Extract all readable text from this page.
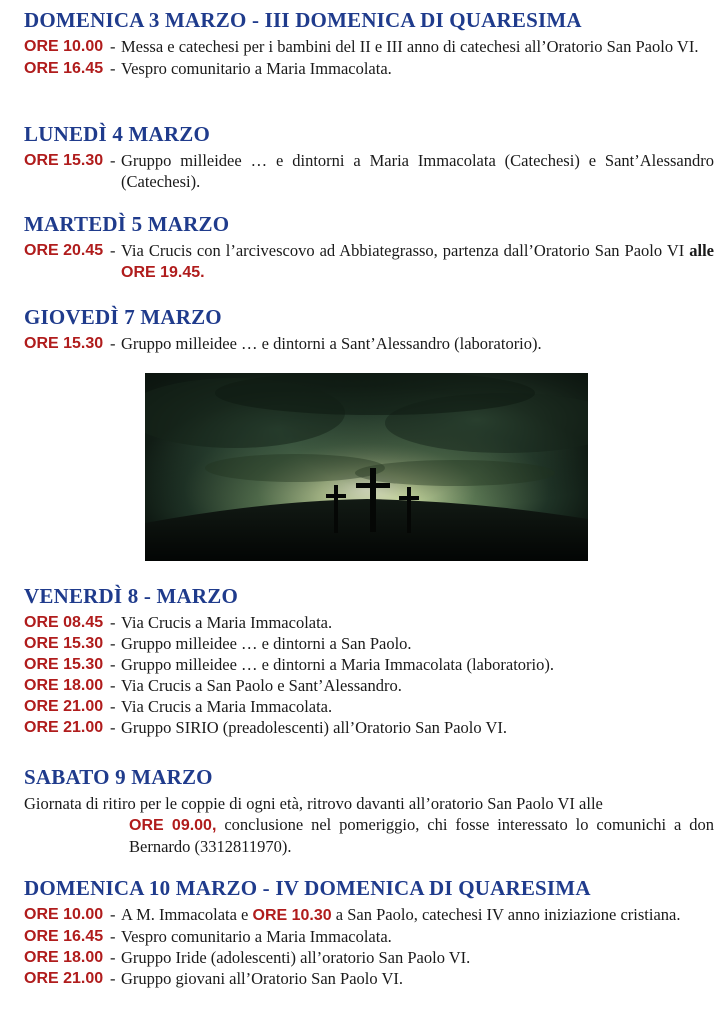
DOMENICA 3 MARZO - III DOMENICA DI QUARESIMA
ORE 10.00 - Messa e catechesi per i bambini del II e III anno di catechesi all’Oratorio San Paolo VI.
ORE 16.45 - Vespro comunitario a Maria Immacolata.
LUNEDÌ 4 MARZO
ORE 15.30 - Gruppo milleidee … e dintorni a Maria Immacolata (Catechesi) e Sant’Alessandro (Catechesi).
MARTEDÌ 5 MARZO
ORE 20.45 - Via Crucis con l’arcivescovo ad Abbiategrasso, partenza dall’Oratorio San Paolo VI alle ORE 19.45.
GIOVEDÌ 7 MARZO
ORE 15.30 - Gruppo milleidee … e dintorni a Sant’Alessandro (laboratorio).
VENERDÌ 8 - MARZO
ORE 08.45 - Via Crucis a Maria Immacolata.
ORE 15.30 - Gruppo milleidee … e dintorni a San Paolo.
ORE 15.30 - Gruppo milleidee … e dintorni a Maria Immacolata (laboratorio).
ORE 18.00 - Via Crucis a San Paolo e Sant’Alessandro.
ORE 21.00 - Via Crucis a Maria Immacolata.
ORE 21.00 - Gruppo SIRIO (preadolescenti) all’Oratorio San Paolo VI.
SABATO 9 MARZO
Giornata di ritiro per le coppie di ogni età, ritrovo davanti all’oratorio San Paolo VI alle
ORE 09.00, conclusione nel pomeriggio, chi fosse interessato lo comunichi a don Bernardo (3312811970).
DOMENICA 10 MARZO - IV DOMENICA DI QUARESIMA
ORE 10.00 - A M. Immacolata e ORE 10.30 a San Paolo, catechesi IV anno iniziazione cristiana.
ORE 16.45 - Vespro comunitario a Maria Immacolata.
ORE 18.00 - Gruppo Iride (adolescenti) all’oratorio San Paolo VI.
ORE 21.00 - Gruppo giovani all’Oratorio San Paolo VI.
